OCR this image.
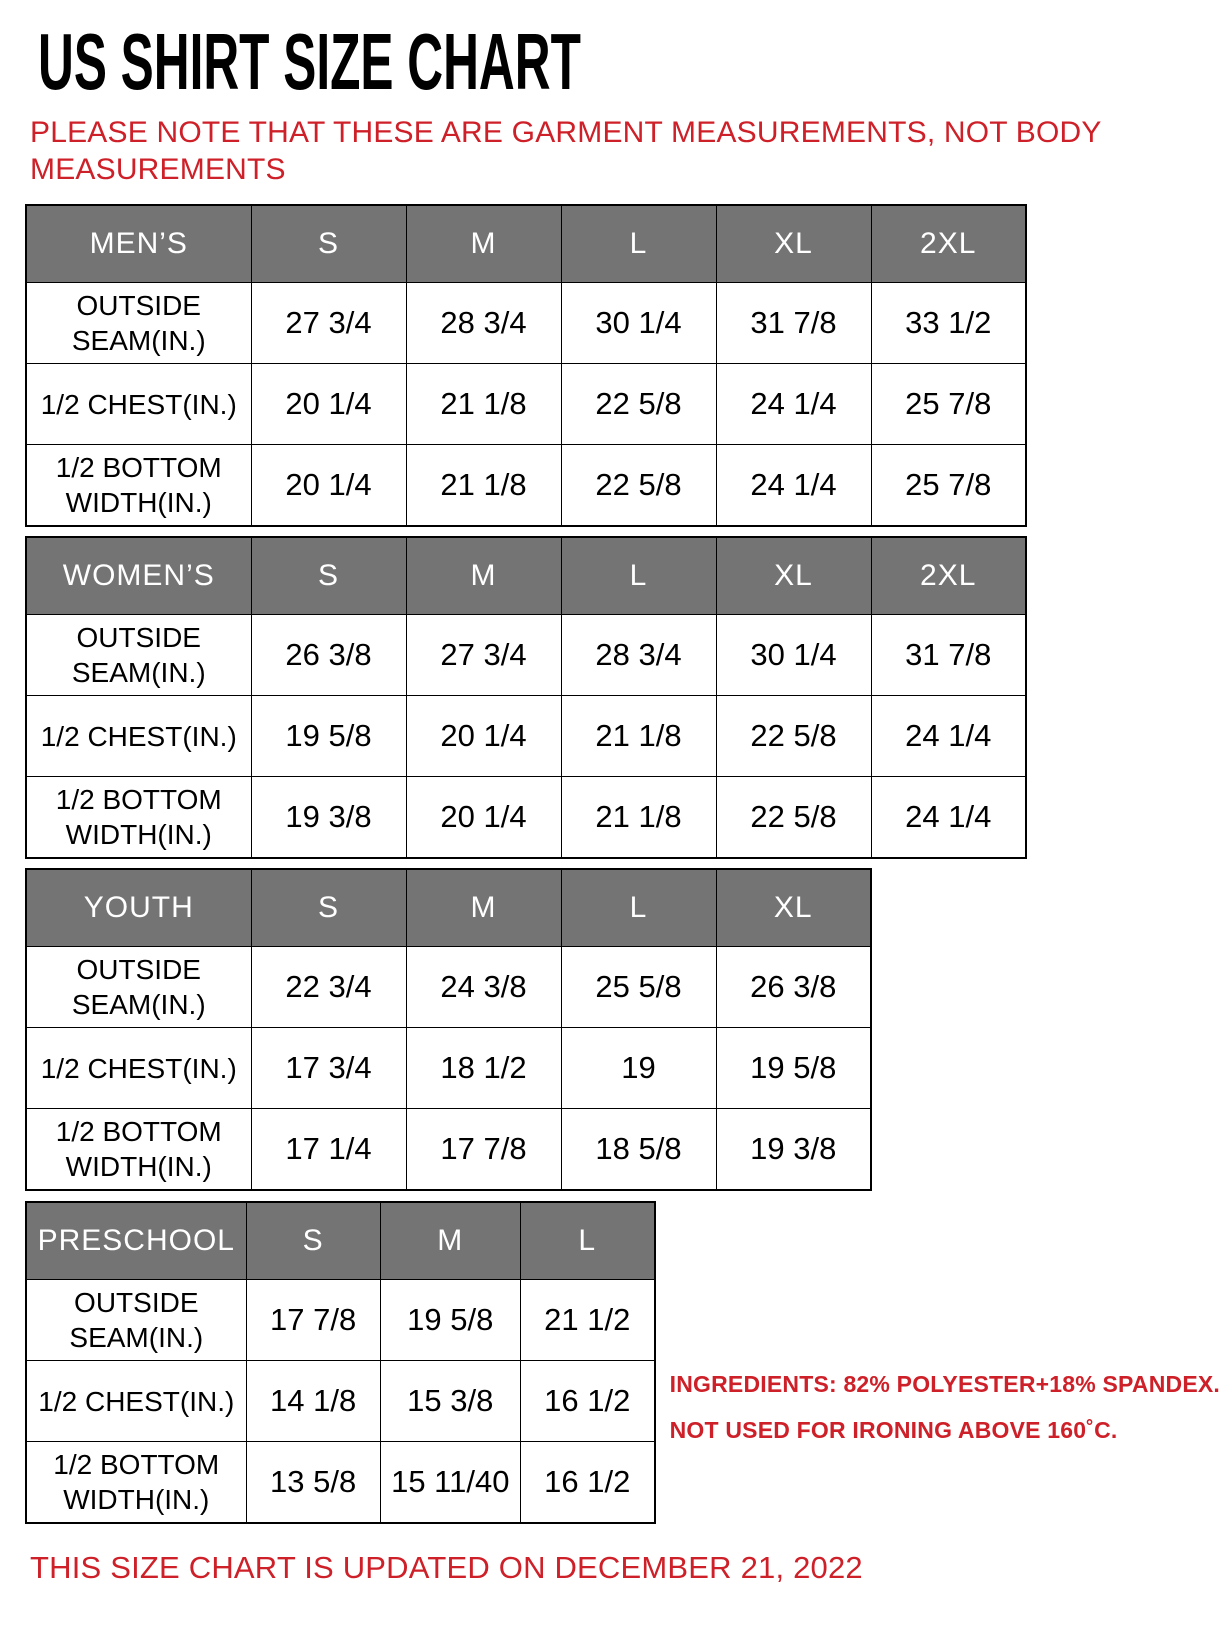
US SHIRT SIZE CHART
PLEASE NOTE THAT THESE ARE GARMENT MEASUREMENTS, NOT BODY
MEASUREMENTS
MEN’S	S	M	L	XL	2XL
OUTSIDE SEAM(IN.)	27 3/4	28 3/4	30 1/4	31 7/8	33 1/2
1/2 CHEST(IN.)	20 1/4	21 1/8	22 5/8	24 1/4	25 7/8
1/2 BOTTOM WIDTH(IN.)	20 1/4	21 1/8	22 5/8	24 1/4	25 7/8
WOMEN’S	S	M	L	XL	2XL
OUTSIDE SEAM(IN.)	26 3/8	27 3/4	28 3/4	30 1/4	31 7/8
1/2 CHEST(IN.)	19 5/8	20 1/4	21 1/8	22 5/8	24 1/4
1/2 BOTTOM WIDTH(IN.)	19 3/8	20 1/4	21 1/8	22 5/8	24 1/4
YOUTH	S	M	L	XL
OUTSIDE SEAM(IN.)	22 3/4	24 3/8	25 5/8	26 3/8
1/2 CHEST(IN.)	17 3/4	18 1/2	19	19 5/8
1/2 BOTTOM WIDTH(IN.)	17 1/4	17 7/8	18 5/8	19 3/8
PRESCHOOL	S	M	L
OUTSIDE SEAM(IN.)	17 7/8	19 5/8	21 1/2
1/2 CHEST(IN.)	14 1/8	15 3/8	16 1/2
1/2 BOTTOM WIDTH(IN.)	13 5/8	15 11/40	16 1/2
INGREDIENTS: 82% POLYESTER+18% SPANDEX.
NOT USED FOR IRONING ABOVE 160˚C.
THIS SIZE CHART IS UPDATED ON DECEMBER 21, 2022
